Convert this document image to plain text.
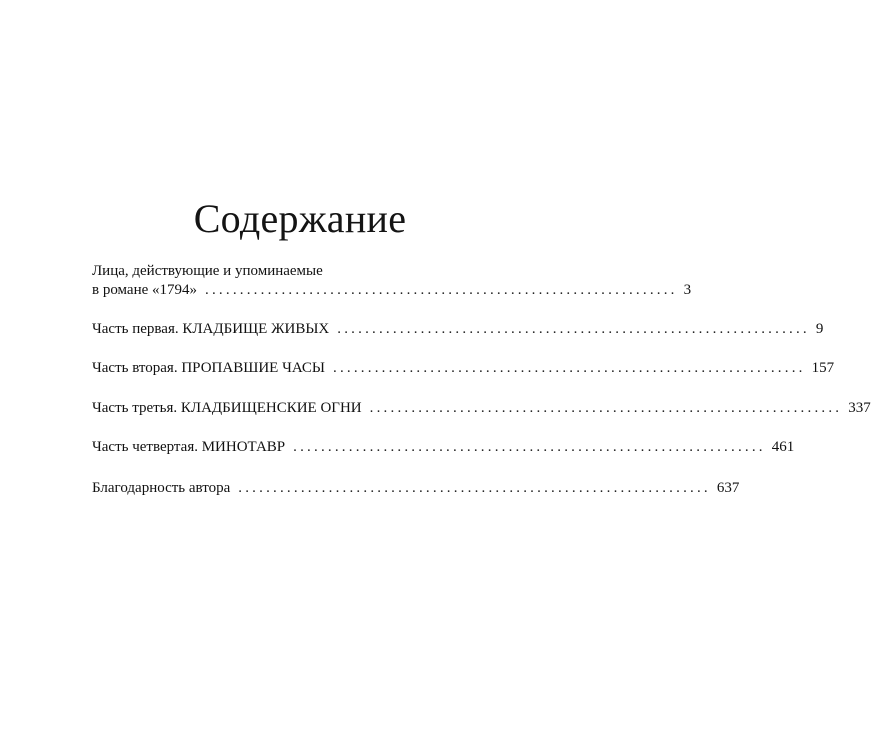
Содержание
Лица, действующие и упоминаемые
в романе «1794» .................................................................... 3
Часть первая. КЛАДБИЩЕ ЖИВЫХ .................................................................... 9
Часть вторая. ПРОПАВШИЕ ЧАСЫ .................................................................... 157
Часть третья. КЛАДБИЩЕНСКИЕ ОГНИ .................................................................... 337
Часть четвертая. МИНОТАВР .................................................................... 461
Благодарность автора .................................................................... 637
